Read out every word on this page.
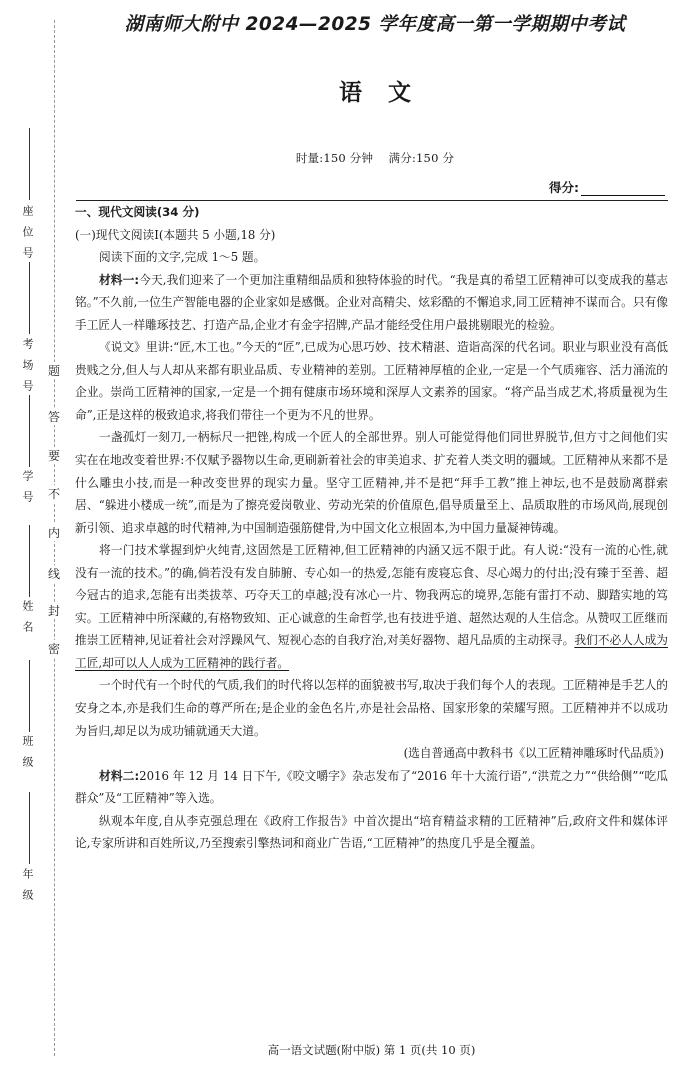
座位号
考场号
学号
姓名
班级
年级
题
答
要
不
内
线
封
密
湖南师大附中 2024—2025 学年度高一第一学期期中考试
语文
时量:150 分钟    满分:150 分
得分:

一、现代文阅读(34 分)

(一)现代文阅读Ⅰ(本题共 5 小题,18 分)

阅读下面的文字,完成 1～5 题。

材料一:今天,我们迎来了一个更加注重精细品质和独特体验的时代。“我是真的希望工匠精神可以变成我的墓志铭。”不久前,一位生产智能电器的企业家如是感慨。企业对高精尖、炫彩酷的不懈追求,同工匠精神不谋而合。只有像手工匠人一样雕琢技艺、打造产品,企业才有金字招牌,产品才能经受住用户最挑剔眼光的检验。

《说文》里讲:“匠,木工也。”今天的“匠”,已成为心思巧妙、技术精湛、造诣高深的代名词。职业与职业没有高低贵贱之分,但人与人却从来都有职业品质、专业精神的差别。工匠精神厚植的企业,一定是一个气质雍容、活力涌流的企业。崇尚工匠精神的国家,一定是一个拥有健康市场环境和深厚人文素养的国家。“将产品当成艺术,将质量视为生命”,正是这样的极致追求,将我们带往一个更为不凡的世界。

一盏孤灯一刻刀,一柄标尺一把锉,构成一个匠人的全部世界。别人可能觉得他们同世界脱节,但方寸之间他们实实在在地改变着世界:不仅赋予器物以生命,更刷新着社会的审美追求、扩充着人类文明的疆域。工匠精神从来都不是什么雕虫小技,而是一种改变世界的现实力量。坚守工匠精神,并不是把“拜手工教”推上神坛,也不是鼓励离群索居、“躲进小楼成一统”,而是为了擦亮爱岗敬业、劳动光荣的价值原色,倡导质量至上、品质取胜的市场风尚,展现创新引领、追求卓越的时代精神,为中国制造强筋健骨,为中国文化立根固本,为中国力量凝神铸魂。

将一门技术掌握到炉火纯青,这固然是工匠精神,但工匠精神的内涵又远不限于此。有人说:“没有一流的心性,就没有一流的技术。”的确,倘若没有发自肺腑、专心如一的热爱,怎能有废寝忘食、尽心竭力的付出;没有臻于至善、超今冠古的追求,怎能有出类拔萃、巧夺天工的卓越;没有冰心一片、物我两忘的境界,怎能有雷打不动、脚踏实地的笃实。工匠精神中所深藏的,有格物致知、正心诚意的生命哲学,也有技进乎道、超然达观的人生信念。从赞叹工匠继而推崇工匠精神,见证着社会对浮躁风气、短视心态的自我疗治,对美好器物、超凡品质的主动探寻。我们不必人人成为工匠,却可以人人成为工匠精神的践行者。

一个时代有一个时代的气质,我们的时代将以怎样的面貌被书写,取决于我们每个人的表现。工匠精神是手艺人的安身之本,亦是我们生命的尊严所在;是企业的金色名片,亦是社会品格、国家形象的荣耀写照。工匠精神并不以成功为旨归,却足以为成功铺就通天大道。

(选自普通高中教科书《以工匠精神雕琢时代品质》)

材料二:2016 年 12 月 14 日下午,《咬文嚼字》杂志发布了“2016 年十大流行语”,“洪荒之力”“供给侧”“吃瓜群众”及“工匠精神”等入选。

纵观本年度,自从李克强总理在《政府工作报告》中首次提出“培育精益求精的工匠精神”后,政府文件和媒体评论,专家所讲和百姓所议,乃至搜索引擎热词和商业广告语,“工匠精神”的热度几乎是全覆盖。

高一语文试题(附中版) 第 1 页(共 10 页)
